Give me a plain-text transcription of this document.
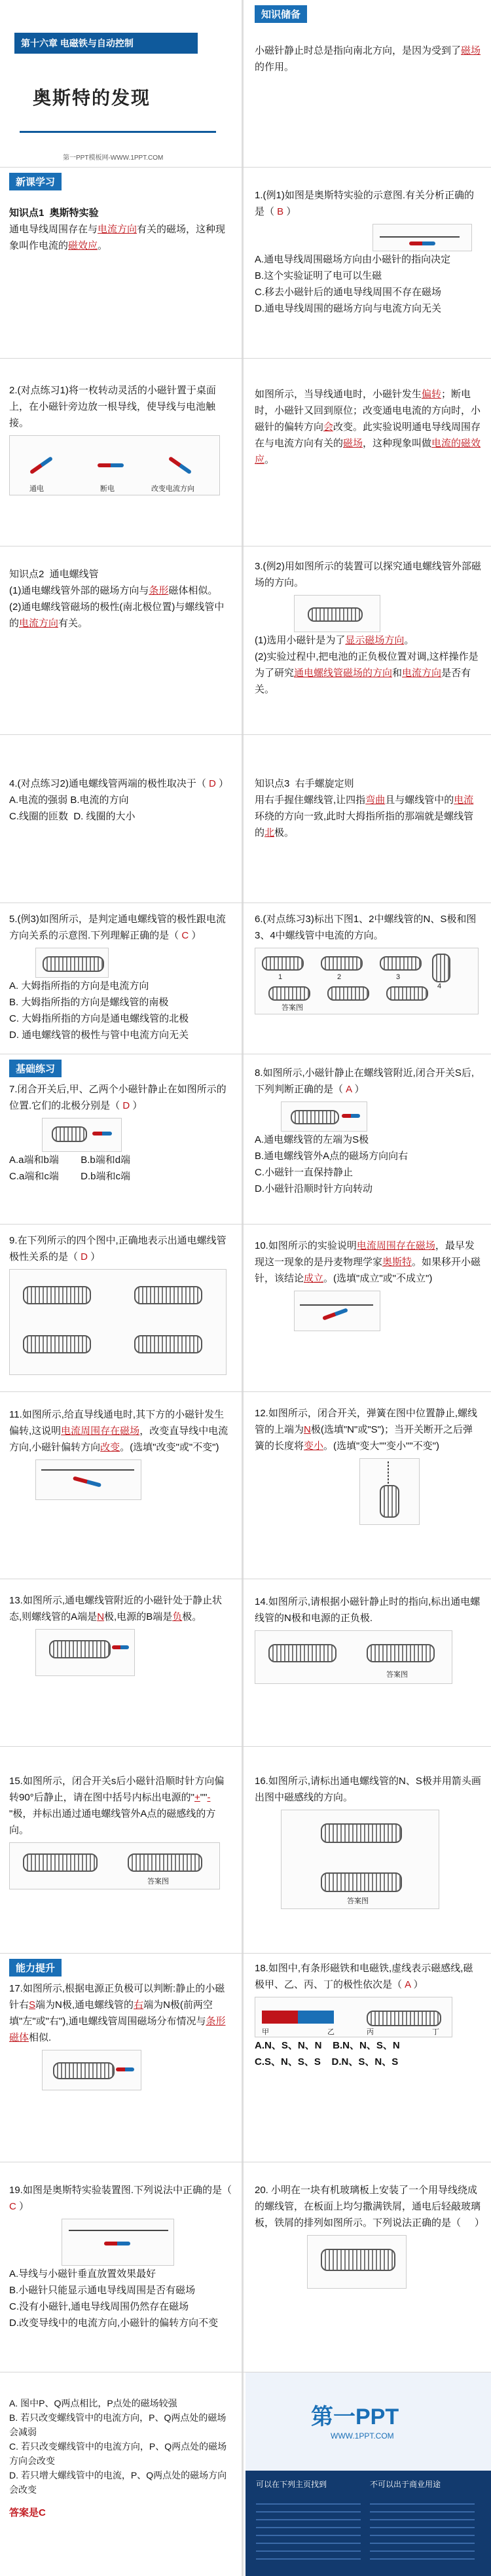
第十六章 电磁铁与自动控制
奥斯特的发现
第一PPT模板网-WWW.1PPT.COM
知识储备
小磁针静止时总是指向南北方向，是因为受到了磁场的作用。
新课学习
知识点1  奥斯特实验
通电导线周围存在与电流方向有关的磁场，这种现象叫作电流的磁效应。
1.(例1)如图是奥斯特实验的示意图.有关分析正确的是（ B ）
A.通电导线周围磁场方向由小磁针的指向决定
B.这个实验证明了电可以生磁
C.移去小磁针后的通电导线周围不存在磁场
D.通电导线周围的磁场方向与电流方向无关
2.(对点练习1)将一枚转动灵活的小磁针置于桌面上，在小磁针旁边放一根导线，使导线与电池触接。
通电	断电	改变电流方向
如图所示，当导线通电时，小磁针发生偏转；断电时，小磁针又回到原位；改变通电电流的方向时，小磁针的偏转方向会改变。此实验说明通电导线周围存在与电流方向有关的磁场，这种现象叫做电流的磁效应。
知识点2  通电螺线管
(1)通电螺线管外部的磁场方向与条形磁体相似。
(2)通电螺线管磁场的极性(南北极位置)与螺线管中的电流方向有关。
3.(例2)用如图所示的装置可以探究通电螺线管外部磁场的方向。
(1)选用小磁针是为了显示磁场方向。
(2)实验过程中,把电池的正负极位置对调,这样操作是为了研究通电螺线管磁场的方向和电流方向是否有关。
4.(对点练习2)通电螺线管两端的极性取决于（ D ）
A.电流的强弱 B.电流的方向
C.线圈的匝数  D. 线圈的大小
知识点3  右手螺旋定则
用右手握住螺线管,让四指弯曲且与螺线管中的电流环绕的方向一致,此时大拇指所指的那端就是螺线管的北极。
5.(例3)如图所示，是判定通电螺线管的极性跟电流方向关系的示意图.下列理解正确的是（ C ）
A. 大姆指所指的方向是电流方向
B. 大姆指所指的方向是螺线管的南极
C. 大姆指所指的方向是通电螺线管的北极
D. 通电螺线管的极性与管中电流方向无关
6.(对点练习3)标出下图1、2中螺线管的N、S极和图3、4中螺线管中电流的方向。
1	2	3
4
答案图
基础练习
7.闭合开关后,甲、乙两个小磁针静止在如图所示的位置.它们的北极分别是（ D ）
A.a端和b端        B.b端和d端
C.a端和c端        D.b端和c端
8.如图所示,小磁针静止在螺线管附近,闭合开关S后,下列判断正确的是（ A ）
A.通电螺线管的左端为S极
B.通电螺线管外A点的磁场方向向右
C.小磁针一直保持静止
D.小磁针沿顺时针方向转动
9.在下列所示的四个图中,正确地表示出通电螺线管极性关系的是（ D ）
10.如图所示的实验说明电流周围存在磁场，最早发现这一现象的是丹麦物理学家奥斯特。如果移开小磁针，该结论成立。(选填"成立"或"不成立")
11.如图所示,给直导线通电时,其下方的小磁针发生偏转,这说明电流周围存在磁场，改变直导线中电流方向,小磁针偏转方向改变。(选填"改变"或"不变")
12.如图所示，闭合开关，弹簧在图中位置静止,螺线管的上端为N极(选填"N"或"S")；当开关断开之后弹簧的长度将变小。(选填"变大""变小""不变")
13.如图所示,通电螺线管附近的小磁针处于静止状态,则螺线管的A端是N极,电源的B端是负极。
14.如图所示,请根据小磁针静止时的指向,标出通电螺线管的N极和电源的正负极.
答案图
15.如图所示，闭合开关s后小磁针沿顺时针方向偏转90°后静止，请在图中括号内标出电源的"+""-"极，并标出通过通电螺线管外A点的磁感线的方向。
答案图
16.如图所示,请标出通电螺线管的N、S极并用箭头画出图中磁感线的方向。
答案图
能力提升
17.如图所示,根据电源正负极可以判断:静止的小磁针右S端为N极,通电螺线管的右端为N极(前两空填"左"或"右"),通电螺线管周围磁场分布情况与条形磁体相似.
18.如图中,有条形磁铁和电磁铁,虚线表示磁感线,磁极甲、乙、丙、丁的极性依次是（ A ）
甲	乙	丙	丁
A.N、S、N、N    B.N、N、S、N
C.S、N、S、S    D.N、S、N、S
19.如图是奥斯特实验装置图.下列说法中正确的是（ C ）
A.导线与小磁针垂直放置效果最好
B.小磁针只能显示通电导线周围是否有磁场
C.没有小磁针,通电导线周围仍然存在磁场
D.改变导线中的电流方向,小磁针的偏转方向不变
20. 小明在一块有机玻璃板上安装了一个用导线绕成的螺线管，在板面上均匀撒满铁屑，通电后轻敲玻璃板，铁屑的排列如图所示。下列说法正确的是（     ）
A. 图中P、Q两点相比，P点处的磁场较强
B. 若只改变螺线管中的电流方向，P、Q两点处的磁场会减弱
C. 若只改变螺线管中的电流方向，P、Q两点处的磁场方向会改变
D. 若只增大螺线管中的电流，P、Q两点处的磁场方向会改变
答案是C
第一PPT
WWW.1PPT.COM
可以在下列主页找到	不可以出于商业用途
